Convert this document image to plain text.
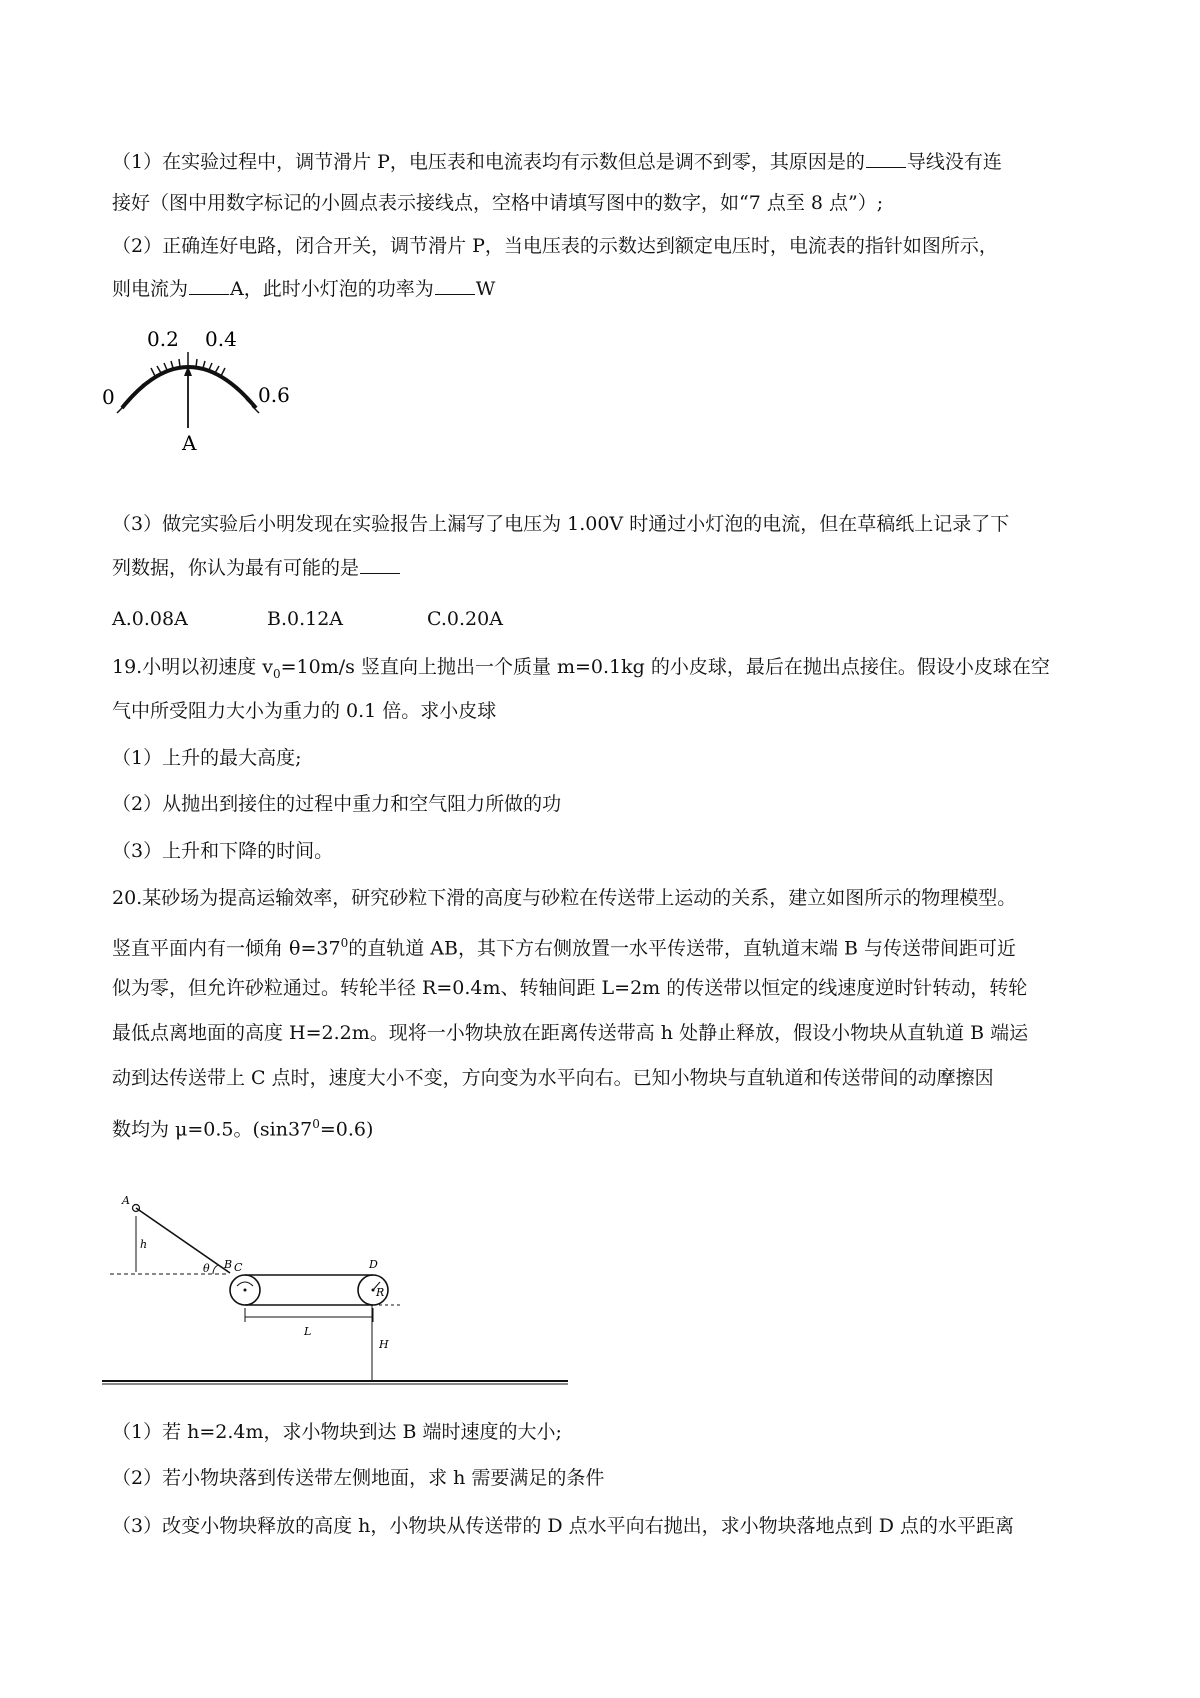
（1）在实验过程中，调节滑片 P，电压表和电流表均有示数但总是调不到零，其原因是的 导线没有连
接好（图中用数字标记的小圆点表示接线点，空格中请填写图中的数字，如“7 点至 8 点”）;
（2）正确连好电路，闭合开关，调节滑片 P，当电压表的示数达到额定电压时，电流表的指针如图所示，
则电流为 A，此时小灯泡的功率为 W
0
0.2 0.4
0.6
A
（3）做完实验后小明发现在实验报告上漏写了电压为 1.00V 时通过小灯泡的电流，但在草稿纸上记录了下
列数据，你认为最有可能的是
A.0.08A	B.0.12A	C.0.20A
19.小明以初速度 $v_0=10m/s$ 竖直向上抛出一个质量 m=0.1kg 的小皮球，最后在抛出点接住。假设小皮球在空
气中所受阻力大小为重力的 0.1 倍。求小皮球
（1）上升的最大高度;
（2）从抛出到接住的过程中重力和空气阻力所做的功
（3）上升和下降的时间。
20.某砂场为提高运输效率，研究砂粒下滑的高度与砂粒在传送带上运动的关系，建立如图所示的物理模型。
竖直平面内有一倾角 $\theta=37^0$的直轨道 AB，其下方右侧放置一水平传送带，直轨道末端 B 与传送带间距可近
似为零，但允许砂粒通过。转轮半径 R=0.4m、转轴间距 L=2m 的传送带以恒定的线速度逆时针转动，转轮
最低点离地面的高度 H=2.2m。现将一小物块放在距离传送带高 h 处静止释放，假设小物块从直轨道 B 端运
动到达传送带上 C 点时，速度大小不变，方向变为水平向右。已知小物块与直轨道和传送带间的动摩擦因
数均为 μ=0.5。$(\sin 37^0=0.6)$
A
h
θ B C	D
R
L
H
（1）若 h=2.4m，求小物块到达 B 端时速度的大小;
（2）若小物块落到传送带左侧地面，求 h 需要满足的条件
（3）改变小物块释放的高度 h，小物块从传送带的 D 点水平向右抛出，求小物块落地点到 D 点的水平距离
